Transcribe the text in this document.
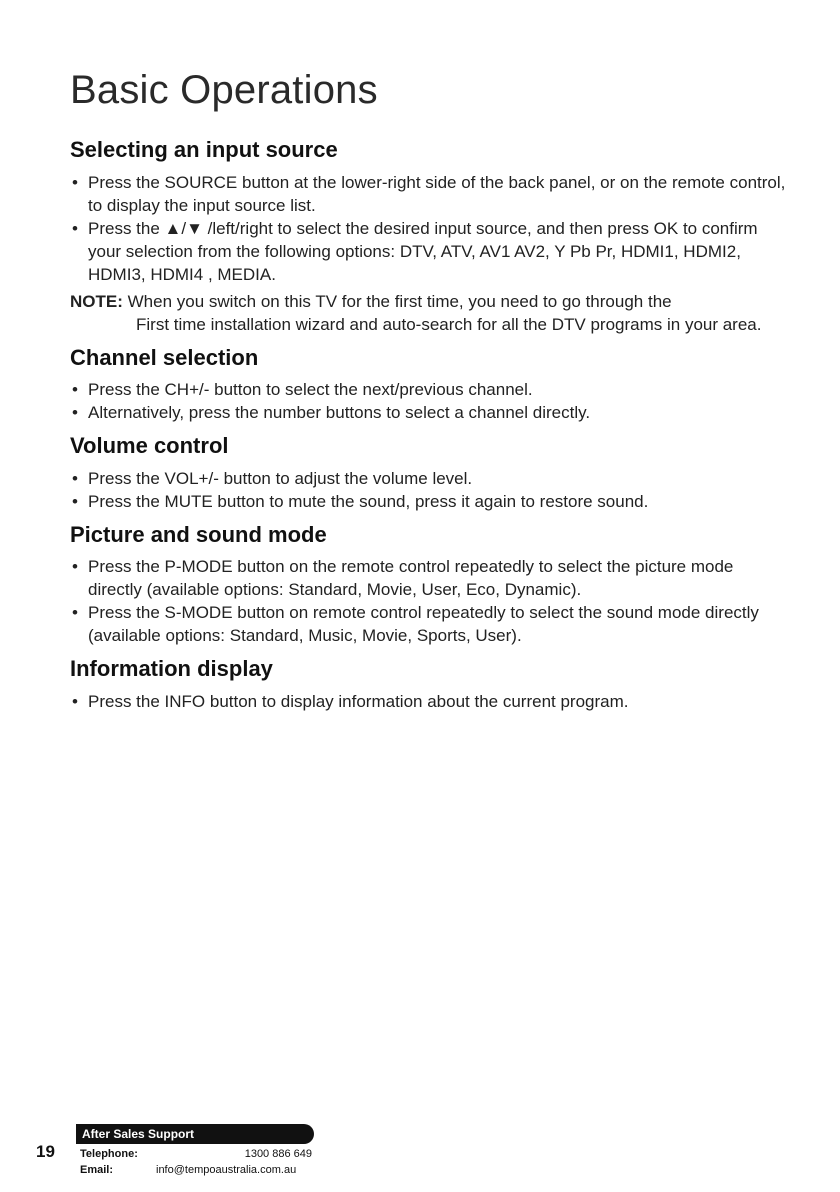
Basic Operations
Selecting an input source
• Press the SOURCE button at the lower-right side of the back panel, or on the remote control, to display the input source list.
• Press the ▲/▼ /left/right to select the desired input source, and then press OK to confirm your selection from the following options: DTV, ATV, AV1 AV2, Y Pb Pr, HDMI1, HDMI2, HDMI3, HDMI4 , MEDIA.
NOTE: When you switch on this TV for the first time, you need to go through the
First time installation wizard and auto-search for all the DTV programs in your area.
Channel selection
• Press the CH+/- button to select the next/previous channel.
• Alternatively, press the number buttons to select a channel directly.
Volume control
• Press the VOL+/- button to adjust the volume level.
• Press the MUTE button to mute the sound, press it again to restore sound.
Picture and sound mode
• Press the P-MODE button on the remote control repeatedly to select the picture mode directly (available options: Standard, Movie, User, Eco, Dynamic).
• Press the S-MODE button on remote control repeatedly to select the sound mode directly (available options: Standard, Music, Movie, Sports, User).
Information display
• Press the INFO button to display information about the current program.
19
After Sales Support
Telephone:	1300 886 649
Email:	info@tempoaustralia.com.au
